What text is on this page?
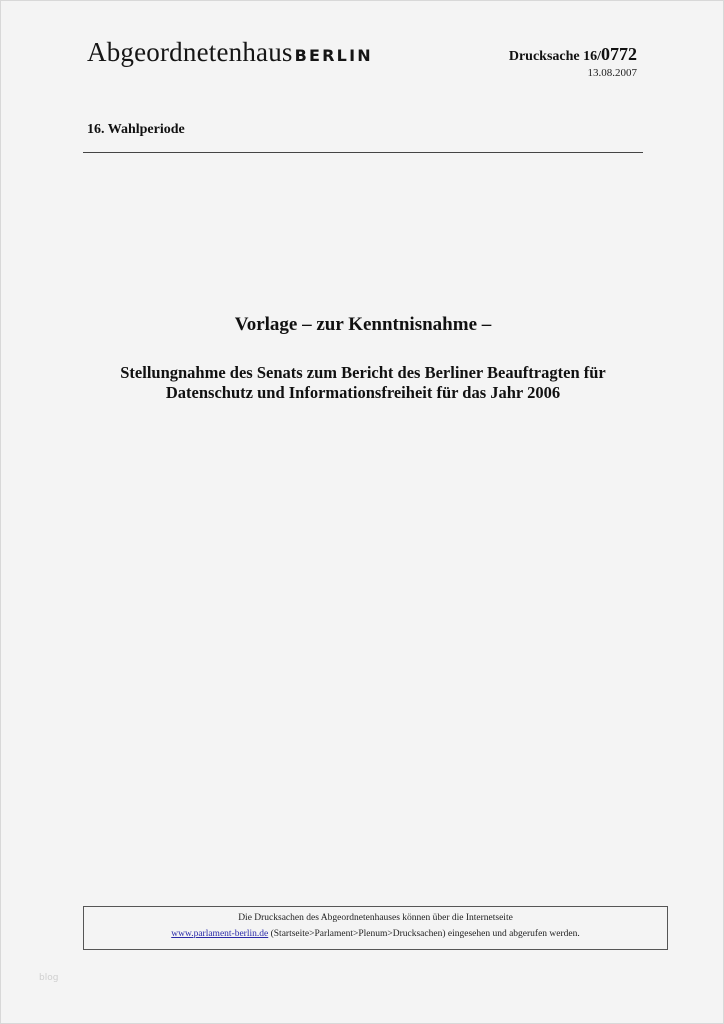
Abgeordnetenhaus BERLIN	Drucksache 16/0772
13.08.2007
16. Wahlperiode
Vorlage – zur Kenntnisnahme –
Stellungnahme des Senats zum Bericht des Berliner Beauftragten für
Datenschutz und Informationsfreiheit für das Jahr 2006
Die Drucksachen des Abgeordnetenhauses können über die Internetseite
www.parlament-berlin.de (Startseite>Parlament>Plenum>Drucksachen) eingesehen und abgerufen werden.
blog
